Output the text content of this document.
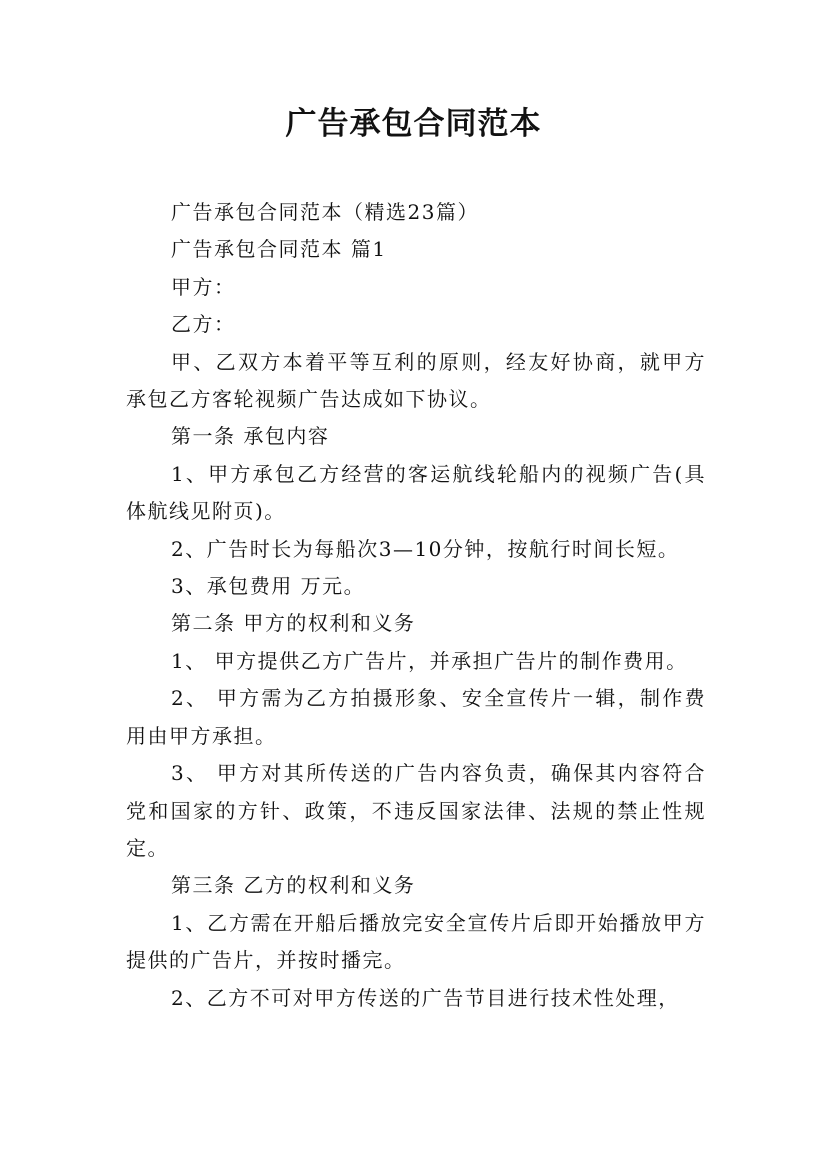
广告承包合同范本

广告承包合同范本（精选23篇）

广告承包合同范本 篇1

甲方：

乙方：

甲、乙双方本着平等互利的原则，经友好协商，就甲方承包乙方客轮视频广告达成如下协议。

第一条 承包内容

1、甲方承包乙方经营的客运航线轮船内的视频广告(具体航线见附页)。

2、广告时长为每船次3—10分钟，按航行时间长短。

3、承包费用 万元。

第二条 甲方的权利和义务

1、 甲方提供乙方广告片，并承担广告片的制作费用。

2、 甲方需为乙方拍摄形象、安全宣传片一辑，制作费用由甲方承担。

3、 甲方对其所传送的广告内容负责，确保其内容符合党和国家的方针、政策，不违反国家法律、法规的禁止性规定。

第三条 乙方的权利和义务

1、乙方需在开船后播放完安全宣传片后即开始播放甲方提供的广告片，并按时播完。

2、乙方不可对甲方传送的广告节目进行技术性处理，
